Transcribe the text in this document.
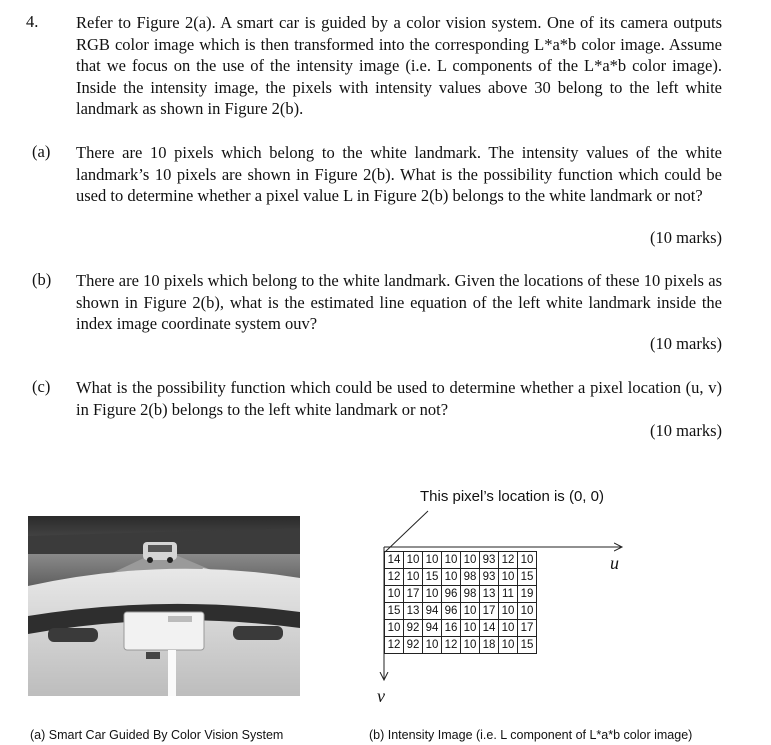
4. Refer to Figure 2(a). A smart car is guided by a color vision system. One of its camera outputs RGB color image which is then transformed into the corresponding L*a*b color image. Assume that we focus on the use of the intensity image (i.e. L components of the L*a*b color image). Inside the intensity image, the pixels with intensity values above 30 belong to the left white landmark as shown in Figure 2(b).
(a) There are 10 pixels which belong to the white landmark. The intensity values of the white landmark’s 10 pixels are shown in Figure 2(b). What is the possibility function which could be used to determine whether a pixel value L in Figure 2(b) belongs to the white landmark or not?
(10 marks)
(b) There are 10 pixels which belong to the white landmark. Given the locations of these 10 pixels as shown in Figure 2(b), what is the estimated line equation of the left white landmark inside the index image coordinate system ouv?
(10 marks)
(c) What is the possibility function which could be used to determine whether a pixel location (u, v) in Figure 2(b) belongs to the left white landmark or not?
(10 marks)
This pixel’s location is (0, 0)
14	10	10	10	10	93	12	10
12	10	15	10	98	93	10	15
10	17	10	96	98	13	11	19
15	13	94	96	10	17	10	10
10	92	94	16	10	14	10	17
12	92	10	12	10	18	10	15
u
v
(a) Smart Car Guided By Color Vision System	(b) Intensity Image (i.e. L component of L*a*b color image)
